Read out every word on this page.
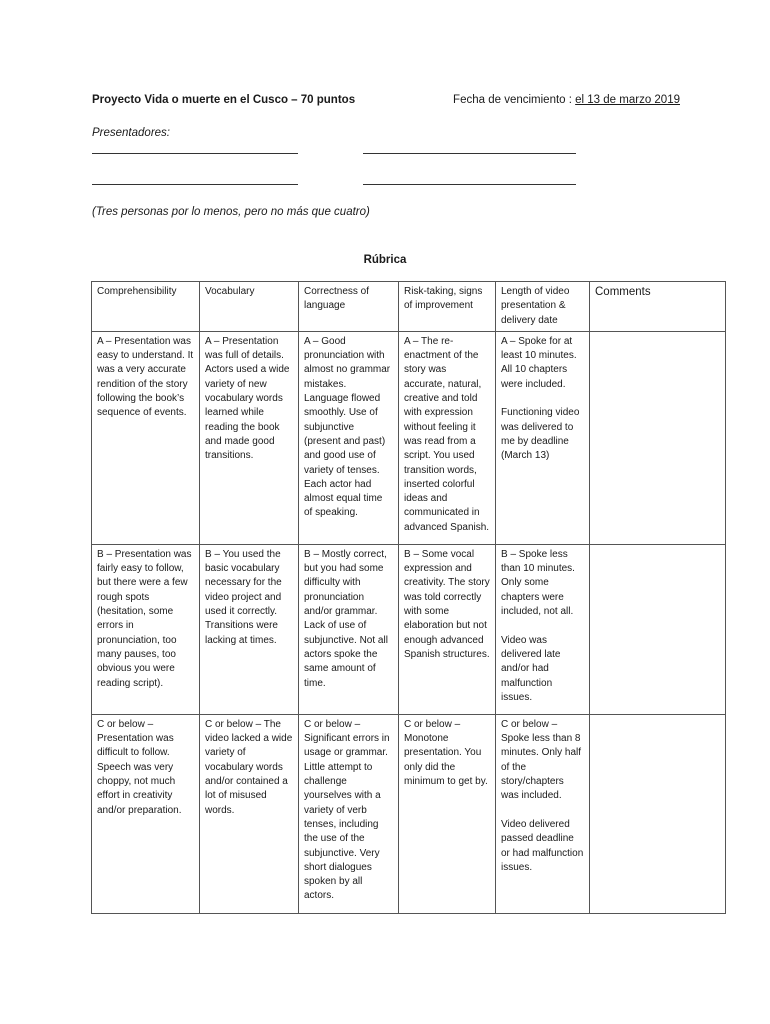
Proyecto Vida o muerte en el Cusco – 70 puntos	Fecha de vencimiento : el 13 de marzo 2019
Presentadores:
(Tres personas por lo menos, pero no más que cuatro)
Rúbrica
Comprehensibility	Vocabulary	Correctness of language	Risk-taking, signs of improvement	Length of video presentation & delivery date	Comments
A – Presentation was easy to understand. It was a very accurate rendition of the story following the book’s sequence of events.	A – Presentation was full of details. Actors used a wide variety of new vocabulary words learned while reading the book and made good transitions.	A – Good pronunciation with almost no grammar mistakes. Language flowed smoothly. Use of subjunctive (present and past) and good use of variety of tenses. Each actor had almost equal time of speaking.	A – The re-enactment of the story was accurate, natural, creative and told with expression without feeling it was read from a script. You used transition words, inserted colorful ideas and communicated in advanced Spanish.	A – Spoke for at least 10 minutes. All 10 chapters were included.

Functioning video was delivered to me by deadline (March 13)	
B – Presentation was fairly easy to follow, but there were a few rough spots (hesitation, some errors in pronunciation, too many pauses, too obvious you were reading script).	B – You used the basic vocabulary necessary for the video project and used it correctly. Transitions were lacking at times.	B – Mostly correct, but you had some difficulty with pronunciation and/or grammar. Lack of use of subjunctive. Not all actors spoke the same amount of time.	B – Some vocal expression and creativity. The story was told correctly with some elaboration but not enough advanced Spanish structures.	B – Spoke less than 10 minutes. Only some chapters were included, not all.

Video was delivered late and/or had malfunction issues.	
C or below – Presentation was difficult to follow. Speech was very choppy, not much effort in creativity and/or preparation.	C or below – The video lacked a wide variety of vocabulary words and/or contained a lot of misused words.	C or below – Significant errors in usage or grammar. Little attempt to challenge yourselves with a variety of verb tenses, including the use of the subjunctive. Very short dialogues spoken by all actors.	C or below – Monotone presentation. You only did the minimum to get by.	C or below – Spoke less than 8 minutes. Only half of the story/chapters was included.

Video delivered passed deadline or had malfunction issues.	
